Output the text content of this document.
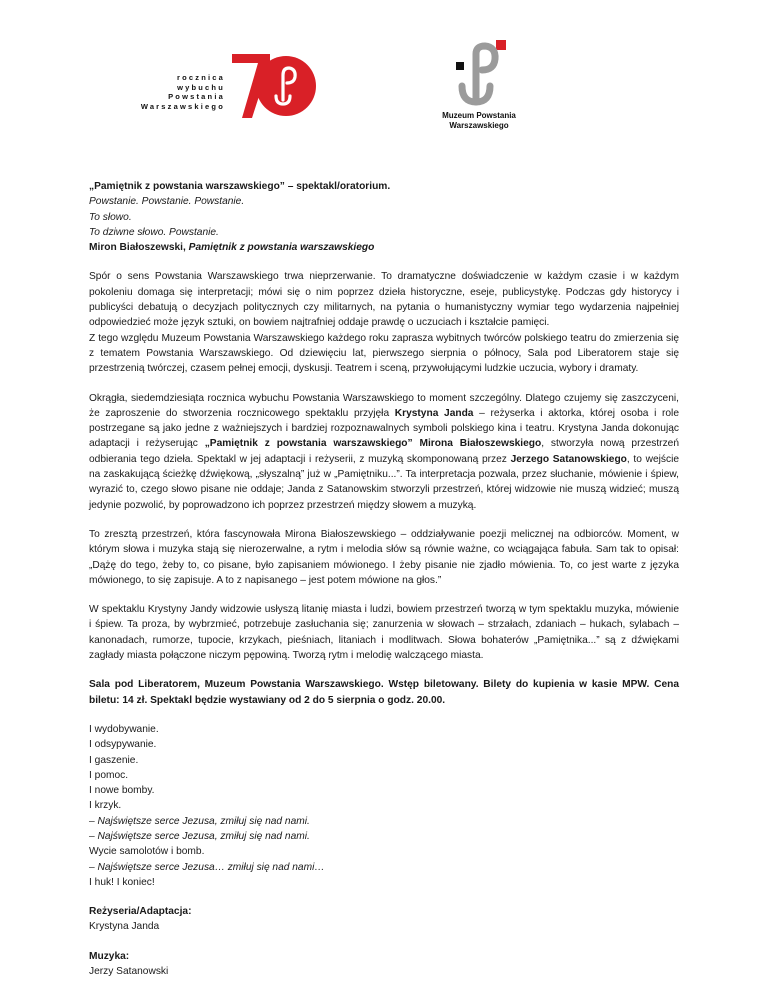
rocznica
wybuchu
Powstania
Warszawskiego
Muzeum Powstania
Warszawskiego

„Pamiętnik z powstania warszawskiego” – spektakl/oratorium.

Powstanie. Powstanie. Powstanie.

To słowo.

To dziwne słowo. Powstanie.

Miron Białoszewski, Pamiętnik z powstania warszawskiego

Spór o sens Powstania Warszawskiego trwa nieprzerwanie. To dramatyczne doświadczenie w każdym czasie i w każdym pokoleniu domaga się interpretacji; mówi się o nim poprzez dzieła historyczne, eseje, publicystykę. Podczas gdy historycy i publicyści debatują o decyzjach politycznych czy militarnych, na pytania o humanistyczny wymiar tego wydarzenia najpełniej odpowiedzieć może język sztuki, on bowiem najtrafniej oddaje prawdę o uczuciach i kształcie pamięci.

Z tego względu Muzeum Powstania Warszawskiego każdego roku zaprasza wybitnych twórców polskiego teatru do zmierzenia się z tematem Powstania Warszawskiego. Od dziewięciu lat, pierwszego sierpnia o północy, Sala pod Liberatorem staje się przestrzenią twórczej, czasem pełnej emocji, dyskusji. Teatrem i sceną, przywołującymi ludzkie uczucia, wybory i dramaty.

Okrągła, siedemdziesiąta rocznica wybuchu Powstania Warszawskiego to moment szczególny. Dlatego czujemy się zaszczyceni, że zaproszenie do stworzenia rocznicowego spektaklu przyjęła Krystyna Janda – reżyserka i aktorka, której osoba i role postrzegane są jako jedne z ważniejszych i bardziej rozpoznawalnych symboli polskiego kina i teatru. Krystyna Janda dokonując adaptacji i reżyserując „Pamiętnik z powstania warszawskiego” Mirona Białoszewskiego, stworzyła nową przestrzeń odbierania tego dzieła. Spektakl w jej adaptacji i reżyserii, z muzyką skomponowaną przez Jerzego Satanowskiego, to wejście na zaskakującą ścieżkę dźwiękową, „słyszalną” już w „Pamiętniku...”. Ta interpretacja pozwala, przez słuchanie, mówienie i śpiew, wyrazić to, czego słowo pisane nie oddaje; Janda z Satanowskim stworzyli przestrzeń, której widzowie nie muszą widzieć; muszą jedynie pozwolić, by poprowadzono ich poprzez przestrzeń między słowem a muzyką.

To zresztą przestrzeń, która fascynowała Mirona Białoszewskiego – oddziaływanie poezji melicznej na odbiorców. Moment, w którym słowa i muzyka stają się nierozerwalne, a rytm i melodia słów są równie ważne, co wciągająca fabuła. Sam tak to opisał: „Dążę do tego, żeby to, co pisane, było zapisaniem mówionego. I żeby pisanie nie zjadło mówienia. To, co jest warte z języka mówionego, to się zapisuje. A to z napisanego – jest potem mówione na głos.”

W spektaklu Krystyny Jandy widzowie usłyszą litanię miasta i ludzi, bowiem przestrzeń tworzą w tym spektaklu muzyka, mówienie i śpiew. Ta proza, by wybrzmieć, potrzebuje zasłuchania się; zanurzenia w słowach – strzałach, zdaniach – hukach, sylabach – kanonadach, rumorze, tupocie, krzykach, pieśniach, litaniach i modlitwach. Słowa bohaterów „Pamiętnika...” są z dźwiękami zagłady miasta połączone niczym pępowiną. Tworzą rytm i melodię walczącego miasta.

Sala pod Liberatorem, Muzeum Powstania Warszawskiego. Wstęp biletowany. Bilety do kupienia w kasie MPW. Cena biletu: 14 zł. Spektakl będzie wystawiany od 2 do 5 sierpnia o godz. 20.00.

I wydobywanie.

I odsypywanie.

I gaszenie.

I pomoc.

I nowe bomby.

I krzyk.

– Najświętsze serce Jezusa, zmiłuj się nad nami.

– Najświętsze serce Jezusa, zmiłuj się nad nami.

Wycie samolotów i bomb.

– Najświętsze serce Jezusa… zmiłuj się nad nami…

I huk! I koniec!

Reżyseria/Adaptacja:

Krystyna Janda

Muzyka:

Jerzy Satanowski
